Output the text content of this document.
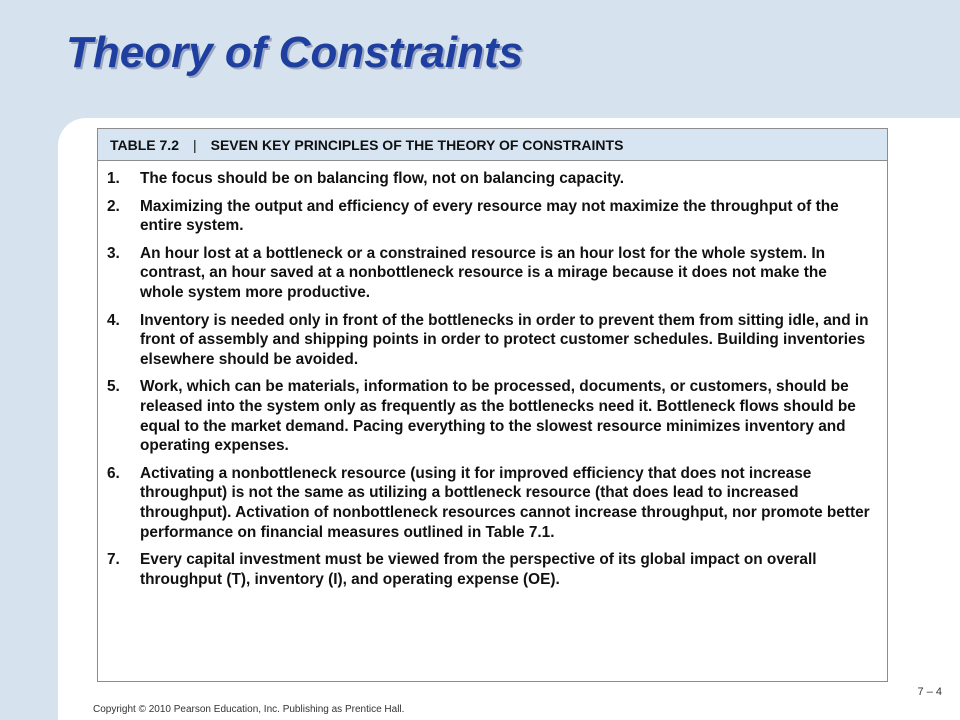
Theory of Constraints
TABLE 7.2 | SEVEN KEY PRINCIPLES OF THE THEORY OF CONSTRAINTS
1.	The focus should be on balancing flow, not on balancing capacity.
2.	Maximizing the output and efficiency of every resource may not maximize the throughput of the entire system.
3.	An hour lost at a bottleneck or a constrained resource is an hour lost for the whole system. In contrast, an hour saved at a nonbottleneck resource is a mirage because it does not make the whole system more productive.
4.	Inventory is needed only in front of the bottlenecks in order to prevent them from sitting idle, and in front of assembly and shipping points in order to protect customer schedules. Building inventories elsewhere should be avoided.
5.	Work, which can be materials, information to be processed, documents, or customers, should be released into the system only as frequently as the bottlenecks need it. Bottleneck flows should be equal to the market demand. Pacing everything to the slowest resource minimizes inventory and operating expenses.
6.	Activating a nonbottleneck resource (using it for improved efficiency that does not increase throughput) is not the same as utilizing a bottleneck resource (that does lead to increased throughput). Activation of nonbottleneck resources cannot increase throughput, nor promote better performance on financial measures outlined in Table 7.1.
7.	Every capital investment must be viewed from the perspective of its global impact on overall throughput (T), inventory (I), and operating expense (OE).
Copyright © 2010 Pearson Education, Inc. Publishing as Prentice Hall.
7 – 4
